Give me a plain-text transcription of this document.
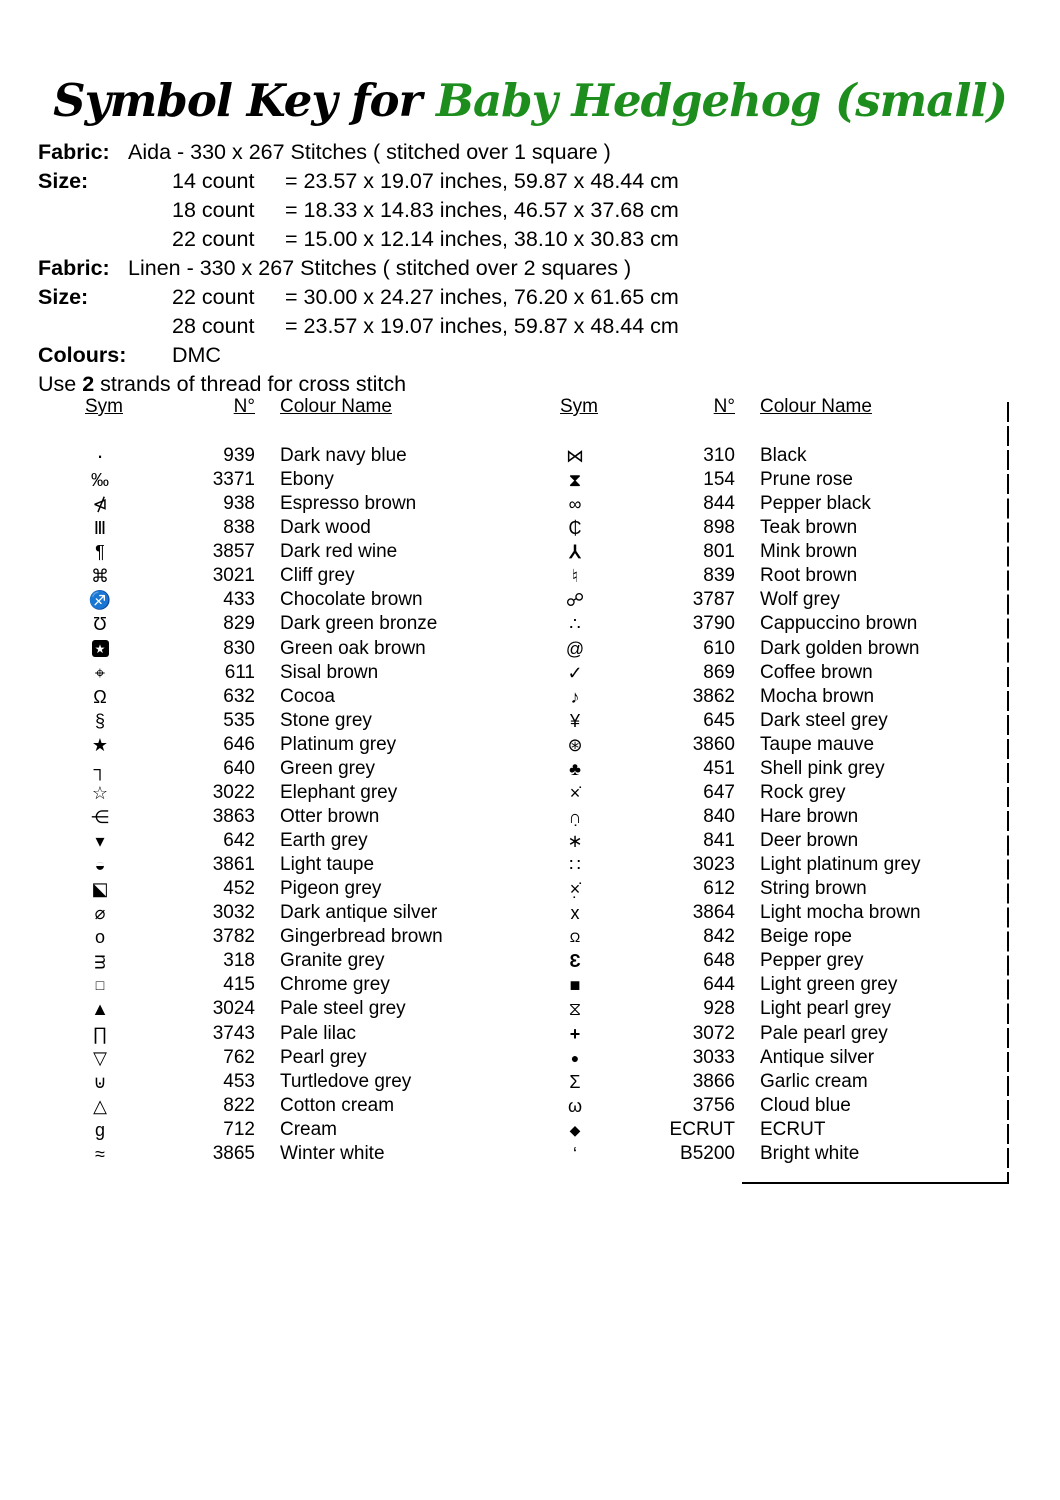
Symbol Key for Baby Hedgehog (small)
Fabric: Aida - 330 x 267 Stitches ( stitched over 1 square )
Size:	14 count = 23.57 x 19.07 inches, 59.87 x 48.44 cm
18 count = 18.33 x 14.83 inches, 46.57 x 37.68 cm
22 count = 15.00 x 12.14 inches, 38.10 x 30.83 cm
Fabric: Linen - 330 x 267 Stitches ( stitched over 2 squares )
Size:	22 count = 30.00 x 24.27 inches, 76.20 x 61.65 cm
28 count = 23.57 x 19.07 inches, 59.87 x 48.44 cm
Colours: DMC
Use 2 strands of thread for cross stitch
Sym	N° Colour Name
·	939 Dark navy blue
‰	3371 Ebony
⋪	938 Espresso brown
Ⅲ	838 Dark wood
¶	3857 Dark red wine
⌘	3021 Cliff grey
♐	433 Chocolate brown
Ʊ	829 Dark green bronze
★	830 Green oak brown
⌖	611 Sisal brown
Ω	632 Cocoa
§	535 Stone grey
★	646 Platinum grey
┐	640 Green grey
☆	3022 Elephant grey
⋲	3863 Otter brown
▾	642 Earth grey
◒	3861 Light taupe
⬕	452 Pigeon grey
⌀	3032 Dark antique silver
o	3782 Gingerbread brown
ᴟ	318 Granite grey
□	415 Chrome grey
▲	3024 Pale steel grey
∏	3743 Pale lilac
▽	762 Pearl grey
⊍	453 Turtledove grey
△	822 Cotton cream
g	712 Cream
≈	3865 Winter white
Sym	N° Colour Name
⋈	310 Black
⧗	154 Prune rose
∞	844 Pepper black
₵	898 Teak brown
⅄	801 Mink brown
♮	839 Root brown
☍	3787 Wolf grey
∴	3790 Cappuccino brown
@	610 Dark golden brown
✓	869 Coffee brown
♪	3862 Mocha brown
¥	645 Dark steel grey
⊛	3860 Taupe mauve
♣	451 Shell pink grey
×̇	647 Rock grey
∩̣	840 Hare brown
∗	841 Deer brown
∷	3023 Light platinum grey
×̣̇	612 String brown
x	3864 Light mocha brown
Ω	842 Beige rope
Ɛ	648 Pepper grey
■	644 Light green grey
⧖	928 Light pearl grey
+	3072 Pale pearl grey
●	3033 Antique silver
Σ	3866 Garlic cream
ω	3756 Cloud blue
◆	ECRUT ECRUT
‘	B5200 Bright white
